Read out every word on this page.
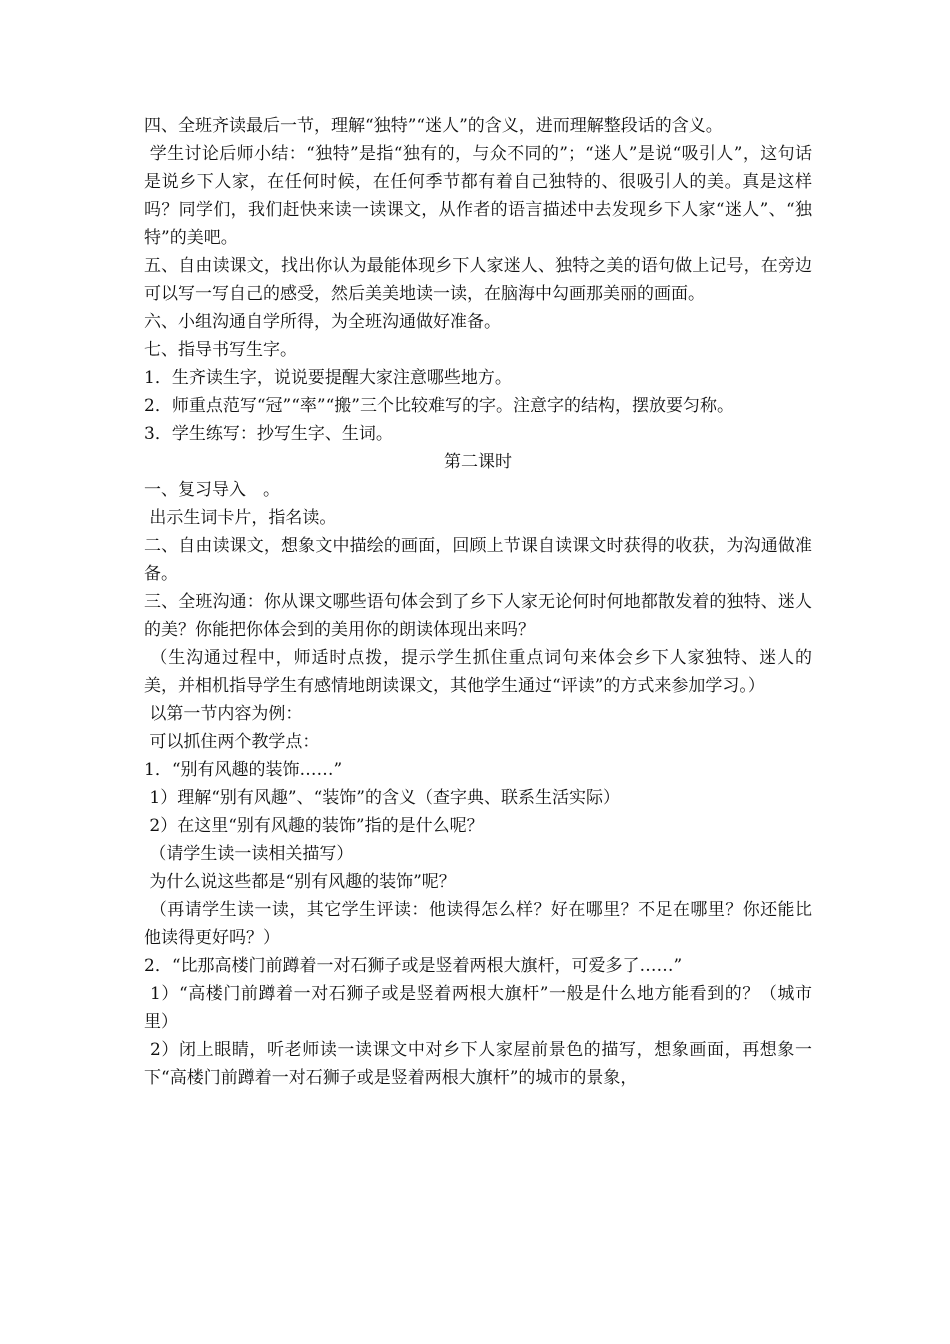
四、全班齐读最后一节，理解“独特”“迷人”的含义，进而理解整段话的含义。

学生讨论后师小结：“独特”是指“独有的，与众不同的”；“迷人”是说“吸引人”，这句话是说乡下人家，在任何时候，在任何季节都有着自己独特的、很吸引人的美。真是这样吗？同学们，我们赶快来读一读课文，从作者的语言描述中去发现乡下人家“迷人”、“独特”的美吧。

五、自由读课文，找出你认为最能体现乡下人家迷人、独特之美的语句做上记号，在旁边可以写一写自己的感受，然后美美地读一读，在脑海中勾画那美丽的画面。

六、小组沟通自学所得，为全班沟通做好准备。

七、指导书写生字。

1．生齐读生字，说说要提醒大家注意哪些地方。

2．师重点范写“冠”“率”“搬”三个比较难写的字。注意字的结构，摆放要匀称。

3．学生练写：抄写生字、生词。

第二课时

一、复习导入　。

出示生词卡片，指名读。

二、自由读课文，想象文中描绘的画面，回顾上节课自读课文时获得的收获，为沟通做准备。

三、全班沟通：你从课文哪些语句体会到了乡下人家无论何时何地都散发着的独特、迷人的美？你能把你体会到的美用你的朗读体现出来吗？

（生沟通过程中，师适时点拨，提示学生抓住重点词句来体会乡下人家独特、迷人的美，并相机指导学生有感情地朗读课文，其他学生通过“评读”的方式来参加学习。）

以第一节内容为例：

可以抓住两个教学点：

1．“别有风趣的装饰……”

1）理解“别有风趣”、“装饰”的含义（查字典、联系生活实际）

2）在这里“别有风趣的装饰”指的是什么呢？

（请学生读一读相关描写）

为什么说这些都是“别有风趣的装饰”呢？

（再请学生读一读，其它学生评读：他读得怎么样？好在哪里？不足在哪里？你还能比他读得更好吗？）

2．“比那高楼门前蹲着一对石狮子或是竖着两根大旗杆，可爱多了……”

1）“高楼门前蹲着一对石狮子或是竖着两根大旗杆”一般是什么地方能看到的？（城市里）

2）闭上眼睛，听老师读一读课文中对乡下人家屋前景色的描写，想象画面，再想象一下“高楼门前蹲着一对石狮子或是竖着两根大旗杆”的城市的景象，
